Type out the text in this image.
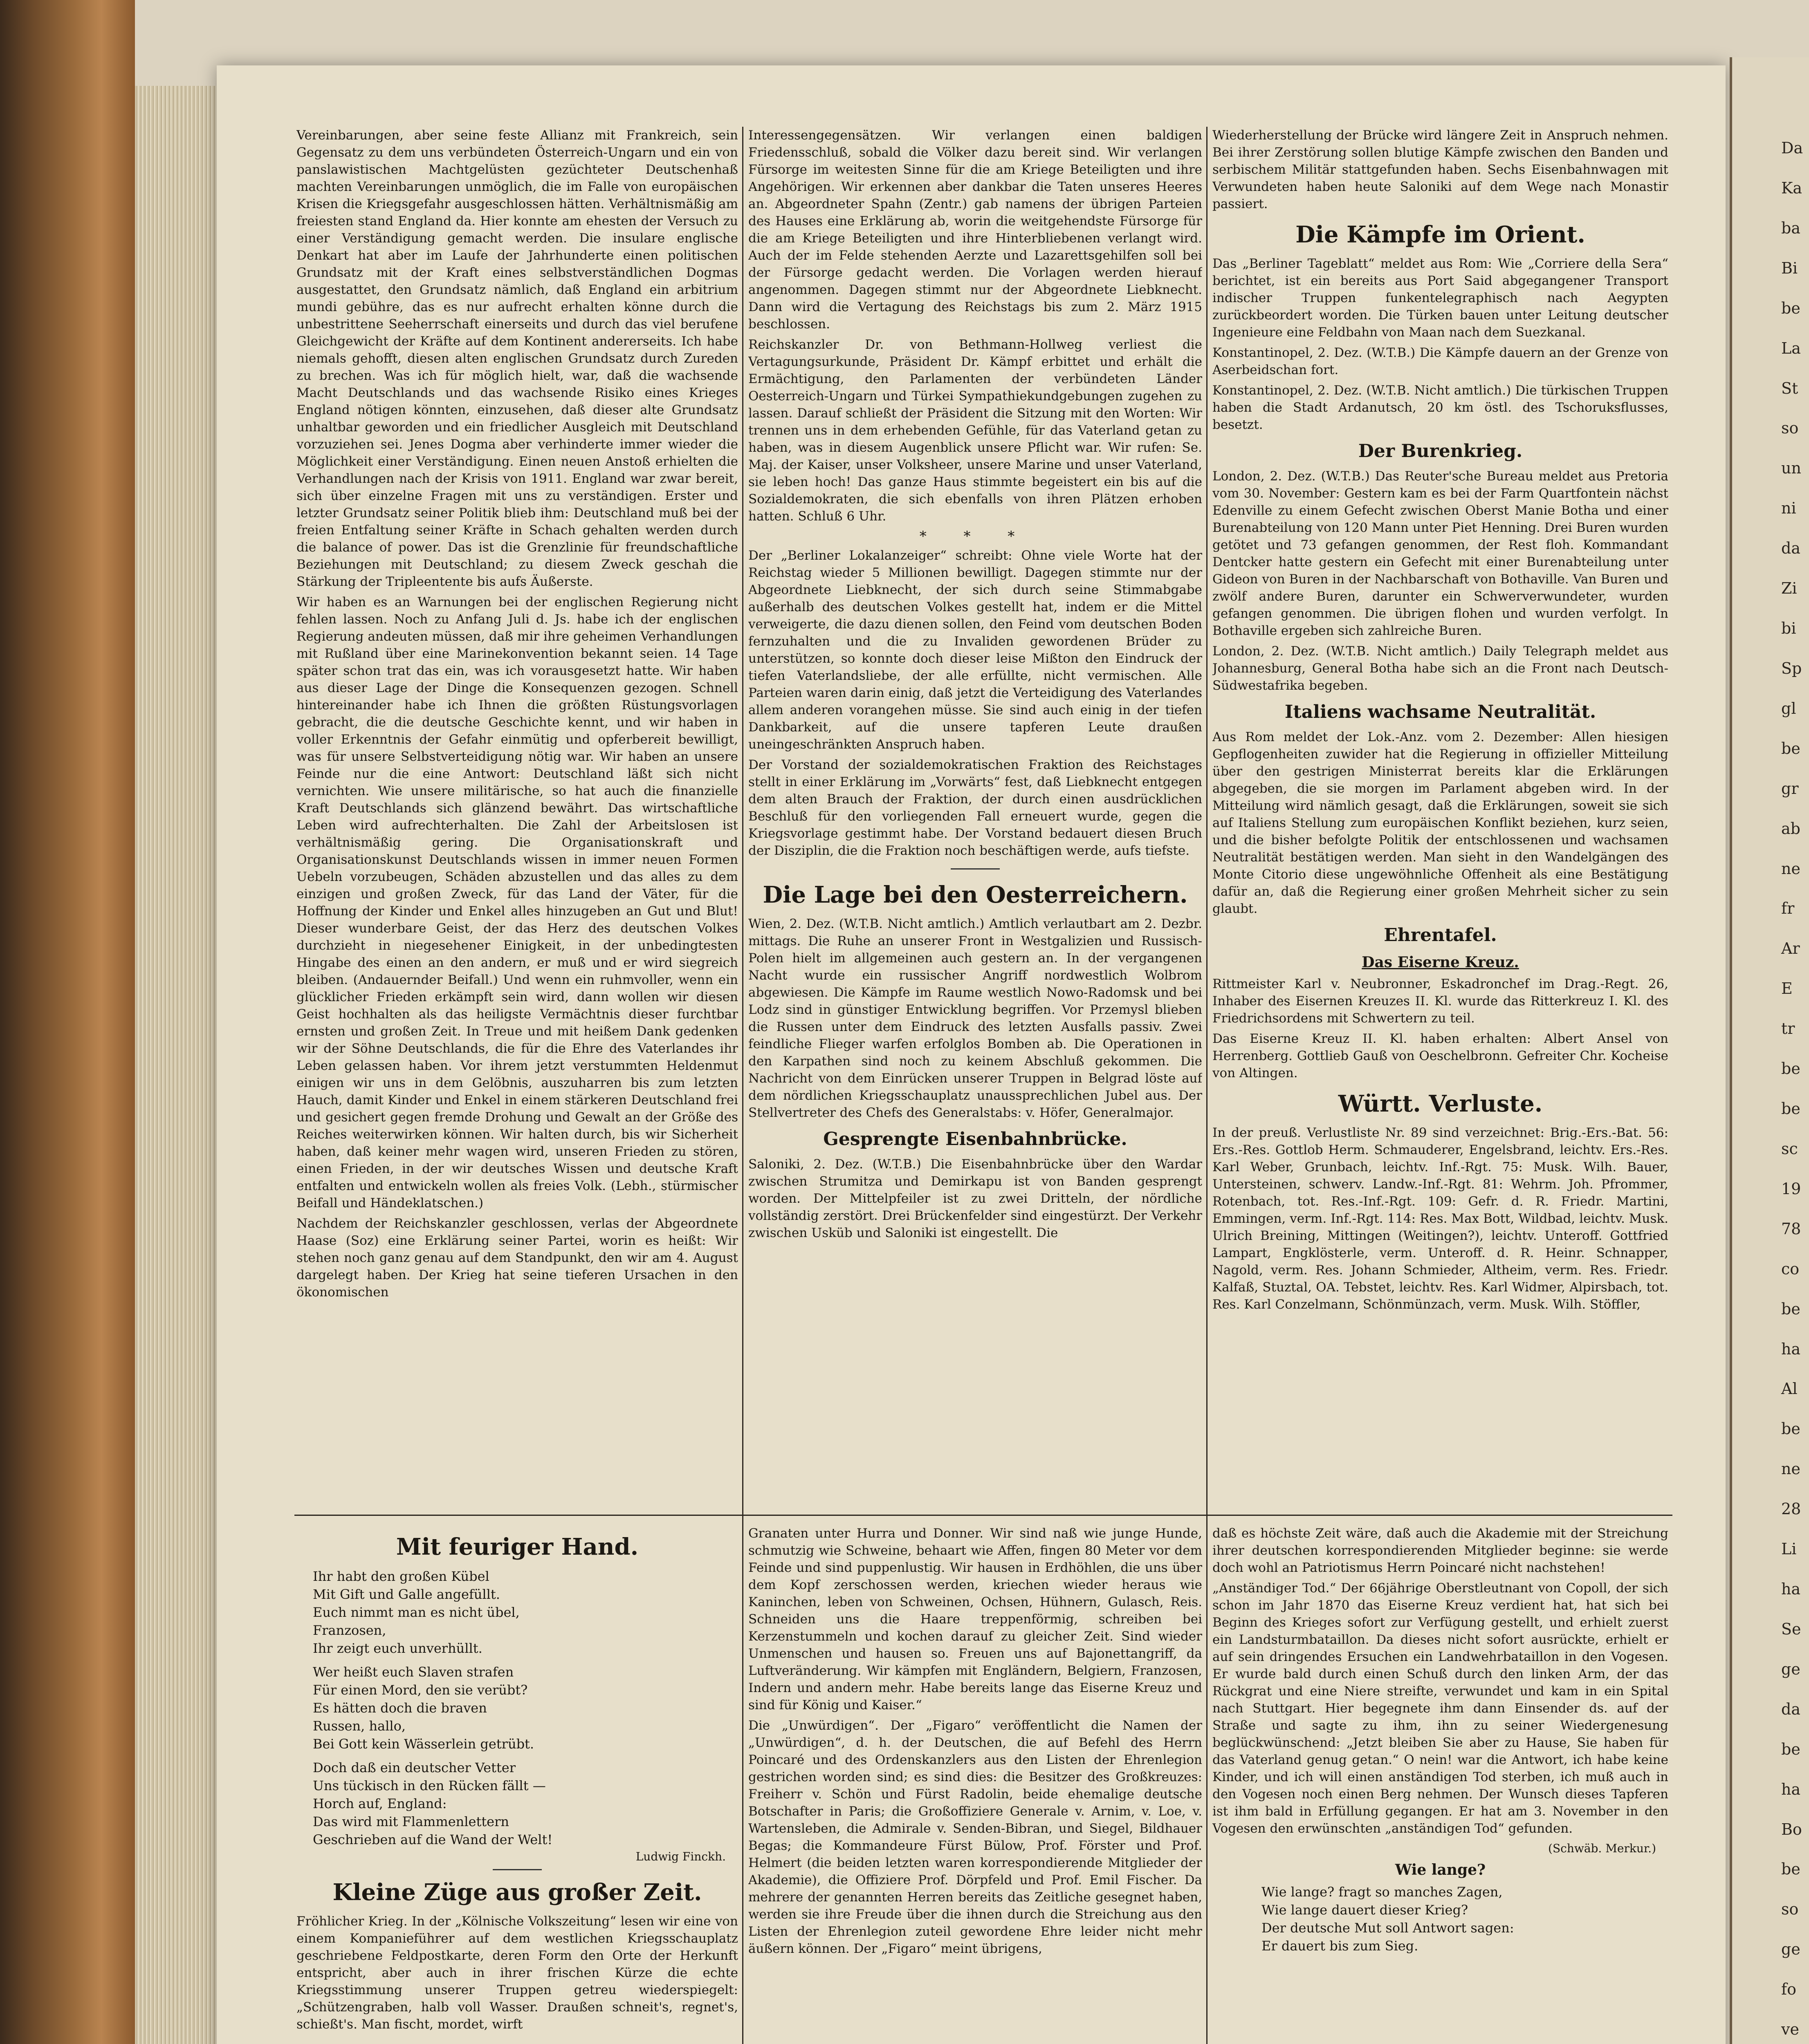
Vereinbarungen, aber seine feste Allianz mit Frankreich, sein Gegensatz zu dem uns verbündeten Österreich-Ungarn und ein von panslawistischen Machtgelüsten gezüchteter Deutschenhaß machten Vereinbarungen unmöglich, die im Falle von europäischen Krisen die Kriegsgefahr ausgeschlossen hätten. Verhältnismäßig am freiesten stand England da. Hier konnte am ehesten der Versuch zu einer Verständigung gemacht werden. Die insulare englische Denkart hat aber im Laufe der Jahrhunderte einen politischen Grundsatz mit der Kraft eines selbstverständlichen Dogmas ausgestattet, den Grundsatz nämlich, daß England ein arbitrium mundi gebühre, das es nur aufrecht erhalten könne durch die unbestrittene Seeherrschaft einerseits und durch das viel berufene Gleichgewicht der Kräfte auf dem Kontinent andererseits. Ich habe niemals gehofft, diesen alten englischen Grundsatz durch Zureden zu brechen. Was ich für möglich hielt, war, daß die wachsende Macht Deutschlands und das wachsende Risiko eines Krieges England nötigen könnten, einzusehen, daß dieser alte Grundsatz unhaltbar geworden und ein friedlicher Ausgleich mit Deutschland vorzuziehen sei. Jenes Dogma aber verhinderte immer wieder die Möglichkeit einer Verständigung. Einen neuen Anstoß erhielten die Verhandlungen nach der Krisis von 1911. England war zwar bereit, sich über einzelne Fragen mit uns zu verständigen. Erster und letzter Grundsatz seiner Politik blieb ihm: Deutschland muß bei der freien Entfaltung seiner Kräfte in Schach gehalten werden durch die balance of power. Das ist die Grenzlinie für freundschaftliche Beziehungen mit Deutschland; zu diesem Zweck geschah die Stärkung der Tripleentente bis aufs Äußerste.

Wir haben es an Warnungen bei der englischen Regierung nicht fehlen lassen. Noch zu Anfang Juli d. Js. habe ich der englischen Regierung andeuten müssen, daß mir ihre geheimen Verhandlungen mit Rußland über eine Marinekonvention bekannt seien. 14 Tage später schon trat das ein, was ich vorausgesetzt hatte. Wir haben aus dieser Lage der Dinge die Konsequenzen gezogen. Schnell hintereinander habe ich Ihnen die größten Rüstungsvorlagen gebracht, die die deutsche Geschichte kennt, und wir haben in voller Erkenntnis der Gefahr einmütig und opferbereit bewilligt, was für unsere Selbstverteidigung nötig war. Wir haben an unsere Feinde nur die eine Antwort: Deutschland läßt sich nicht vernichten. Wie unsere militärische, so hat auch die finanzielle Kraft Deutschlands sich glänzend bewährt. Das wirtschaftliche Leben wird aufrechterhalten. Die Zahl der Arbeitslosen ist verhältnismäßig gering. Die Organisationskraft und Organisationskunst Deutschlands wissen in immer neuen Formen Uebeln vorzubeugen, Schäden abzustellen und das alles zu dem einzigen und großen Zweck, für das Land der Väter, für die Hoffnung der Kinder und Enkel alles hinzugeben an Gut und Blut! Dieser wunderbare Geist, der das Herz des deutschen Volkes durchzieht in niegesehener Einigkeit, in der unbedingtesten Hingabe des einen an den andern, er muß und er wird siegreich bleiben. (Andauernder Beifall.) Und wenn ein ruhmvoller, wenn ein glücklicher Frieden erkämpft sein wird, dann wollen wir diesen Geist hochhalten als das heiligste Vermächtnis dieser furchtbar ernsten und großen Zeit. In Treue und mit heißem Dank gedenken wir der Söhne Deutschlands, die für die Ehre des Vaterlandes ihr Leben gelassen haben. Vor ihrem jetzt verstummten Heldenmut einigen wir uns in dem Gelöbnis, auszuharren bis zum letzten Hauch, damit Kinder und Enkel in einem stärkeren Deutschland frei und gesichert gegen fremde Drohung und Gewalt an der Größe des Reiches weiterwirken können. Wir halten durch, bis wir Sicherheit haben, daß keiner mehr wagen wird, unseren Frieden zu stören, einen Frieden, in der wir deutsches Wissen und deutsche Kraft entfalten und entwickeln wollen als freies Volk. (Lebh., stürmischer Beifall und Händeklatschen.)

Nachdem der Reichskanzler geschlossen, verlas der Abgeordnete Haase (Soz) eine Erklärung seiner Partei, worin es heißt: Wir stehen noch ganz genau auf dem Standpunkt, den wir am 4. August dargelegt haben. Der Krieg hat seine tieferen Ursachen in den ökonomischen

Interessengegensätzen. Wir verlangen einen baldigen Friedensschluß, sobald die Völker dazu bereit sind. Wir verlangen Fürsorge im weitesten Sinne für die am Kriege Beteiligten und ihre Angehörigen. Wir erkennen aber dankbar die Taten unseres Heeres an. Abgeordneter Spahn (Zentr.) gab namens der übrigen Parteien des Hauses eine Erklärung ab, worin die weitgehendste Fürsorge für die am Kriege Beteiligten und ihre Hinterbliebenen verlangt wird. Auch der im Felde stehenden Aerzte und Lazarettsgehilfen soll bei der Fürsorge gedacht werden. Die Vorlagen werden hierauf angenommen. Dagegen stimmt nur der Abgeordnete Liebknecht. Dann wird die Vertagung des Reichstags bis zum 2. März 1915 beschlossen.

Reichskanzler Dr. von Bethmann-Hollweg verliest die Vertagungsurkunde, Präsident Dr. Kämpf erbittet und erhält die Ermächtigung, den Parlamenten der verbündeten Länder Oesterreich-Ungarn und Türkei Sympathiekundgebungen zugehen zu lassen. Darauf schließt der Präsident die Sitzung mit den Worten: Wir trennen uns in dem erhebenden Gefühle, für das Vaterland getan zu haben, was in diesem Augenblick unsere Pflicht war. Wir rufen: Se. Maj. der Kaiser, unser Volksheer, unsere Marine und unser Vaterland, sie leben hoch! Das ganze Haus stimmte begeistert ein bis auf die Sozialdemokraten, die sich ebenfalls von ihren Plätzen erhoben hatten. Schluß 6 Uhr.

* * *

Der „Berliner Lokalanzeiger“ schreibt: Ohne viele Worte hat der Reichstag wieder 5 Millionen bewilligt. Dagegen stimmte nur der Abgeordnete Liebknecht, der sich durch seine Stimmabgabe außerhalb des deutschen Volkes gestellt hat, indem er die Mittel verweigerte, die dazu dienen sollen, den Feind vom deutschen Boden fernzuhalten und die zu Invaliden gewordenen Brüder zu unterstützen, so konnte doch dieser leise Mißton den Eindruck der tiefen Vaterlandsliebe, der alle erfüllte, nicht vermischen. Alle Parteien waren darin einig, daß jetzt die Verteidigung des Vaterlandes allem anderen vorangehen müsse. Sie sind auch einig in der tiefen Dankbarkeit, auf die unsere tapferen Leute draußen uneingeschränkten Anspruch haben.

Der Vorstand der sozialdemokratischen Fraktion des Reichstages stellt in einer Erklärung im „Vorwärts“ fest, daß Liebknecht entgegen dem alten Brauch der Fraktion, der durch einen ausdrücklichen Beschluß für den vorliegenden Fall erneuert wurde, gegen die Kriegsvorlage gestimmt habe. Der Vorstand bedauert diesen Bruch der Disziplin, die die Fraktion noch beschäftigen werde, aufs tiefste.

Die Lage bei den Oesterreichern.

Wien, 2. Dez. (W.T.B. Nicht amtlich.) Amtlich verlautbart am 2. Dezbr. mittags. Die Ruhe an unserer Front in Westgalizien und Russisch-Polen hielt im allgemeinen auch gestern an. In der vergangenen Nacht wurde ein russischer Angriff nordwestlich Wolbrom abgewiesen. Die Kämpfe im Raume westlich Nowo-Radomsk und bei Lodz sind in günstiger Entwicklung begriffen. Vor Przemysl blieben die Russen unter dem Eindruck des letzten Ausfalls passiv. Zwei feindliche Flieger warfen erfolglos Bomben ab. Die Operationen in den Karpathen sind noch zu keinem Abschluß gekommen. Die Nachricht von dem Einrücken unserer Truppen in Belgrad löste auf dem nördlichen Kriegsschauplatz unaussprechlichen Jubel aus. Der Stellvertreter des Chefs des Generalstabs: v. Höfer, Generalmajor.

Gesprengte Eisenbahnbrücke.

Saloniki, 2. Dez. (W.T.B.) Die Eisenbahnbrücke über den Wardar zwischen Strumitza und Demirkapu ist von Banden gesprengt worden. Der Mittelpfeiler ist zu zwei Dritteln, der nördliche vollständig zerstört. Drei Brückenfelder sind eingestürzt. Der Verkehr zwischen Usküb und Saloniki ist eingestellt. Die

Wiederherstellung der Brücke wird längere Zeit in Anspruch nehmen. Bei ihrer Zerstörung sollen blutige Kämpfe zwischen den Banden und serbischem Militär stattgefunden haben. Sechs Eisenbahnwagen mit Verwundeten haben heute Saloniki auf dem Wege nach Monastir passiert.

Die Kämpfe im Orient.

Das „Berliner Tageblatt“ meldet aus Rom: Wie „Corriere della Sera“ berichtet, ist ein bereits aus Port Said abgegangener Transport indischer Truppen funkentelegraphisch nach Aegypten zurückbeordert worden. Die Türken bauen unter Leitung deutscher Ingenieure eine Feldbahn von Maan nach dem Suezkanal.

Konstantinopel, 2. Dez. (W.T.B.) Die Kämpfe dauern an der Grenze von Aserbeidschan fort.

Konstantinopel, 2. Dez. (W.T.B. Nicht amtlich.) Die türkischen Truppen haben die Stadt Ardanutsch, 20 km östl. des Tschoruksflusses, besetzt.

Der Burenkrieg.

London, 2. Dez. (W.T.B.) Das Reuter'sche Bureau meldet aus Pretoria vom 30. November: Gestern kam es bei der Farm Quartfontein nächst Edenville zu einem Gefecht zwischen Oberst Manie Botha und einer Burenabteilung von 120 Mann unter Piet Henning. Drei Buren wurden getötet und 73 gefangen genommen, der Rest floh. Kommandant Dentcker hatte gestern ein Gefecht mit einer Burenabteilung unter Gideon von Buren in der Nachbarschaft von Bothaville. Van Buren und zwölf andere Buren, darunter ein Schwerverwundeter, wurden gefangen genommen. Die übrigen flohen und wurden verfolgt. In Bothaville ergeben sich zahlreiche Buren.

London, 2. Dez. (W.T.B. Nicht amtlich.) Daily Telegraph meldet aus Johannesburg, General Botha habe sich an die Front nach Deutsch-Südwestafrika begeben.

Italiens wachsame Neutralität.

Aus Rom meldet der Lok.-Anz. vom 2. Dezember: Allen hiesigen Gepflogenheiten zuwider hat die Regierung in offizieller Mitteilung über den gestrigen Ministerrat bereits klar die Erklärungen abgegeben, die sie morgen im Parlament abgeben wird. In der Mitteilung wird nämlich gesagt, daß die Erklärungen, soweit sie sich auf Italiens Stellung zum europäischen Konflikt beziehen, kurz seien, und die bisher befolgte Politik der entschlossenen und wachsamen Neutralität bestätigen werden. Man sieht in den Wandelgängen des Monte Citorio diese ungewöhnliche Offenheit als eine Bestätigung dafür an, daß die Regierung einer großen Mehrheit sicher zu sein glaubt.

Ehrentafel.
Das Eiserne Kreuz.

Rittmeister Karl v. Neubronner, Eskadronchef im Drag.-Regt. 26, Inhaber des Eisernen Kreuzes II. Kl. wurde das Ritterkreuz I. Kl. des Friedrichsordens mit Schwertern zu teil.

Das Eiserne Kreuz II. Kl. haben erhalten: Albert Ansel von Herrenberg. Gottlieb Gauß von Oeschelbronn. Gefreiter Chr. Kocheise von Altingen.

Württ. Verluste.

In der preuß. Verlustliste Nr. 89 sind verzeichnet: Brig.-Ers.-Bat. 56: Ers.-Res. Gottlob Herm. Schmauderer, Engelsbrand, leichtv. Ers.-Res. Karl Weber, Grunbach, leichtv. Inf.-Rgt. 75: Musk. Wilh. Bauer, Untersteinen, schwerv. Landw.-Inf.-Rgt. 81: Wehrm. Joh. Pfrommer, Rotenbach, tot. Res.-Inf.-Rgt. 109: Gefr. d. R. Friedr. Martini, Emmingen, verm. Inf.-Rgt. 114: Res. Max Bott, Wildbad, leichtv. Musk. Ulrich Breining, Mittingen (Weitingen?), leichtv. Unteroff. Gottfried Lampart, Engklösterle, verm. Unteroff. d. R. Heinr. Schnapper, Nagold, verm. Res. Johann Schmieder, Altheim, verm. Res. Friedr. Kalfaß, Stuztal, OA. Tebstet, leichtv. Res. Karl Widmer, Alpirsbach, tot. Res. Karl Conzelmann, Schönmünzach, verm. Musk. Wilh. Stöffler,

Mit feuriger Hand.
Ihr habt den großen Kübel
Mit Gift und Galle angefüllt.
Euch nimmt man es nicht übel,
Franzosen,
Ihr zeigt euch unverhüllt.
Wer heißt euch Slaven strafen
Für einen Mord, den sie verübt?
Es hätten doch die braven
Russen, hallo,
Bei Gott kein Wässerlein getrübt.
Doch daß ein deutscher Vetter
Uns tückisch in den Rücken fällt —
Horch auf, England:
Das wird mit Flammenlettern
Geschrieben auf die Wand der Welt!
Ludwig Finckh.
Kleine Züge aus großer Zeit.

Fröhlicher Krieg. In der „Kölnische Volkszeitung“ lesen wir eine von einem Kompanieführer auf dem westlichen Kriegsschauplatz geschriebene Feldpostkarte, deren Form den Orte der Herkunft entspricht, aber auch in ihrer frischen Kürze die echte Kriegsstimmung unserer Truppen getreu wiederspiegelt: „Schützengraben, halb voll Wasser. Draußen schneit's, regnet's, schießt's. Man fischt, mordet, wirft

Granaten unter Hurra und Donner. Wir sind naß wie junge Hunde, schmutzig wie Schweine, behaart wie Affen, fingen 80 Meter vor dem Feinde und sind puppenlustig. Wir hausen in Erdhöhlen, die uns über dem Kopf zerschossen werden, kriechen wieder heraus wie Kaninchen, leben von Schweinen, Ochsen, Hühnern, Gulasch, Reis. Schneiden uns die Haare treppenförmig, schreiben bei Kerzenstummeln und kochen darauf zu gleicher Zeit. Sind wieder Unmenschen und hausen so. Freuen uns auf Bajonettangriff, da Luftveränderung. Wir kämpfen mit Engländern, Belgiern, Franzosen, Indern und andern mehr. Habe bereits lange das Eiserne Kreuz und sind für König und Kaiser.“

Die „Unwürdigen“. Der „Figaro“ veröffentlicht die Namen der „Unwürdigen“, d. h. der Deutschen, die auf Befehl des Herrn Poincaré und des Ordenskanzlers aus den Listen der Ehrenlegion gestrichen worden sind; es sind dies: die Besitzer des Großkreuzes: Freiherr v. Schön und Fürst Radolin, beide ehemalige deutsche Botschafter in Paris; die Großoffiziere Generale v. Arnim, v. Loe, v. Wartensleben, die Admirale v. Senden-Bibran, und Siegel, Bildhauer Begas; die Kommandeure Fürst Bülow, Prof. Förster und Prof. Helmert (die beiden letzten waren korrespondierende Mitglieder der Akademie), die Offiziere Prof. Dörpfeld und Prof. Emil Fischer. Da mehrere der genannten Herren bereits das Zeitliche gesegnet haben, werden sie ihre Freude über die ihnen durch die Streichung aus den Listen der Ehrenlegion zuteil gewordene Ehre leider nicht mehr äußern können. Der „Figaro“ meint übrigens,

daß es höchste Zeit wäre, daß auch die Akademie mit der Streichung ihrer deutschen korrespondierenden Mitglieder beginne: sie werde doch wohl an Patriotismus Herrn Poincaré nicht nachstehen!

„Anständiger Tod.“ Der 66jährige Oberstleutnant von Copoll, der sich schon im Jahr 1870 das Eiserne Kreuz verdient hat, hat sich bei Beginn des Krieges sofort zur Verfügung gestellt, und erhielt zuerst ein Landsturmbataillon. Da dieses nicht sofort ausrückte, erhielt er auf sein dringendes Ersuchen ein Landwehrbataillon in den Vogesen. Er wurde bald durch einen Schuß durch den linken Arm, der das Rückgrat und eine Niere streifte, verwundet und kam in ein Spital nach Stuttgart. Hier begegnete ihm dann Einsender ds. auf der Straße und sagte zu ihm, ihn zu seiner Wiedergenesung beglückwünschend: „Jetzt bleiben Sie aber zu Hause, Sie haben für das Vaterland genug getan.“ O nein! war die Antwort, ich habe keine Kinder, und ich will einen anständigen Tod sterben, ich muß auch in den Vogesen noch einen Berg nehmen. Der Wunsch dieses Tapferen ist ihm bald in Erfüllung gegangen. Er hat am 3. November in den Vogesen den erwünschten „anständigen Tod“ gefunden.

(Schwäb. Merkur.)
Wie lange?
Wie lange? fragt so manches Zagen,
Wie lange dauert dieser Krieg?
Der deutsche Mut soll Antwort sagen:
Er dauert bis zum Sieg.
Da
Ka
ba
Bi
be
La
St
so
un
ni
da
Zi
bi
Sp
gl
be
gr
ab
ne
fr
Ar
E
tr
be
be
sc
19
78
co
be
ha
Al
be
ne
28
Li
ha
Se
ge
da
be
ha
Bo
be
so
ge
fo
ve
